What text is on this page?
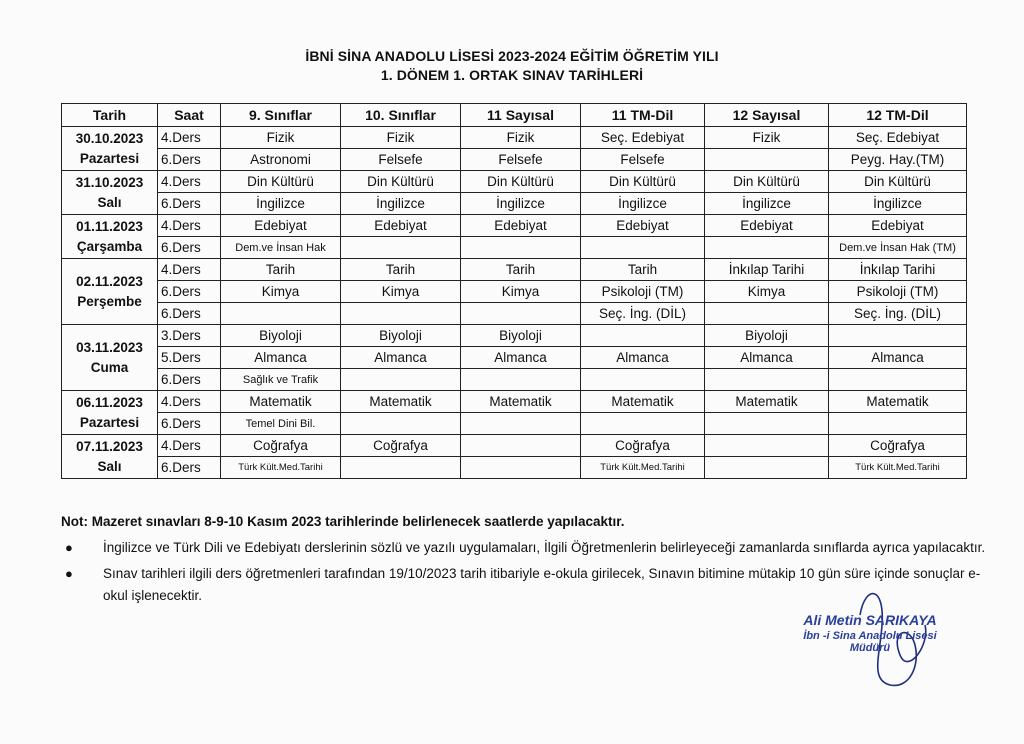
İBNİ SİNA ANADOLU LİSESİ 2023-2024 EĞİTİM ÖĞRETİM YILI
1. DÖNEM 1. ORTAK SINAV TARİHLERİ
Tarih	Saat	9. Sınıflar	10. Sınıflar	11 Sayısal	11 TM-Dil	12 Sayısal	12 TM-Dil

30.10.2023
Pazartesi	4.Ders	Fizik	Fizik	Fizik	Seç. Edebiyat	Fizik	Seç. Edebiyat
	6.Ders	Astronomi	Felsefe	Felsefe	Felsefe		Peyg. Hay.(TM)

31.10.2023
Salı	4.Ders	Din Kültürü	Din Kültürü	Din Kültürü	Din Kültürü	Din Kültürü	Din Kültürü
	6.Ders	İngilizce	İngilizce	İngilizce	İngilizce	İngilizce	İngilizce

01.11.2023
Çarşamba	4.Ders	Edebiyat	Edebiyat	Edebiyat	Edebiyat	Edebiyat	Edebiyat
	6.Ders	Dem.ve İnsan Hak					Dem.ve İnsan Hak (TM)

02.11.2023
Perşembe	4.Ders	Tarih	Tarih	Tarih	Tarih	İnkılap Tarihi	İnkılap Tarihi
	6.Ders	Kimya	Kimya	Kimya	Psikoloji (TM)	Kimya	Psikoloji (TM)
	6.Ders				Seç. İng. (DİL)		Seç. İng. (DİL)

03.11.2023
Cuma	3.Ders	Biyoloji	Biyoloji	Biyoloji		Biyoloji	
	5.Ders	Almanca	Almanca	Almanca	Almanca	Almanca	Almanca
	6.Ders	Sağlık ve Trafik					

06.11.2023
Pazartesi	4.Ders	Matematik	Matematik	Matematik	Matematik	Matematik	Matematik
	6.Ders	Temel Dini Bil.					

07.11.2023
Salı	4.Ders	Coğrafya	Coğrafya		Coğrafya		Coğrafya
	6.Ders	Türk Kült.Med.Tarihi			Türk Kült.Med.Tarihi		Türk Kült.Med.Tarihi
Not: Mazeret sınavları 8-9-10 Kasım 2023 tarihlerinde belirlenecek saatlerde yapılacaktır.
● İngilizce ve Türk Dili ve Edebiyatı derslerinin sözlü ve yazılı uygulamaları, İlgili Öğretmenlerin belirleyeceği zamanlarda sınıflarda ayrıca yapılacaktır.
● Sınav tarihleri ilgili ders öğretmenleri tarafından 19/10/2023 tarih itibariyle e-okula girilecek, Sınavın bitimine mütakip 10 gün süre içinde sonuçlar e-okul işlenecektir.
Ali Metin SARIKAYA
İbn -i Sina Anadolu Lisesi
Müdürü
